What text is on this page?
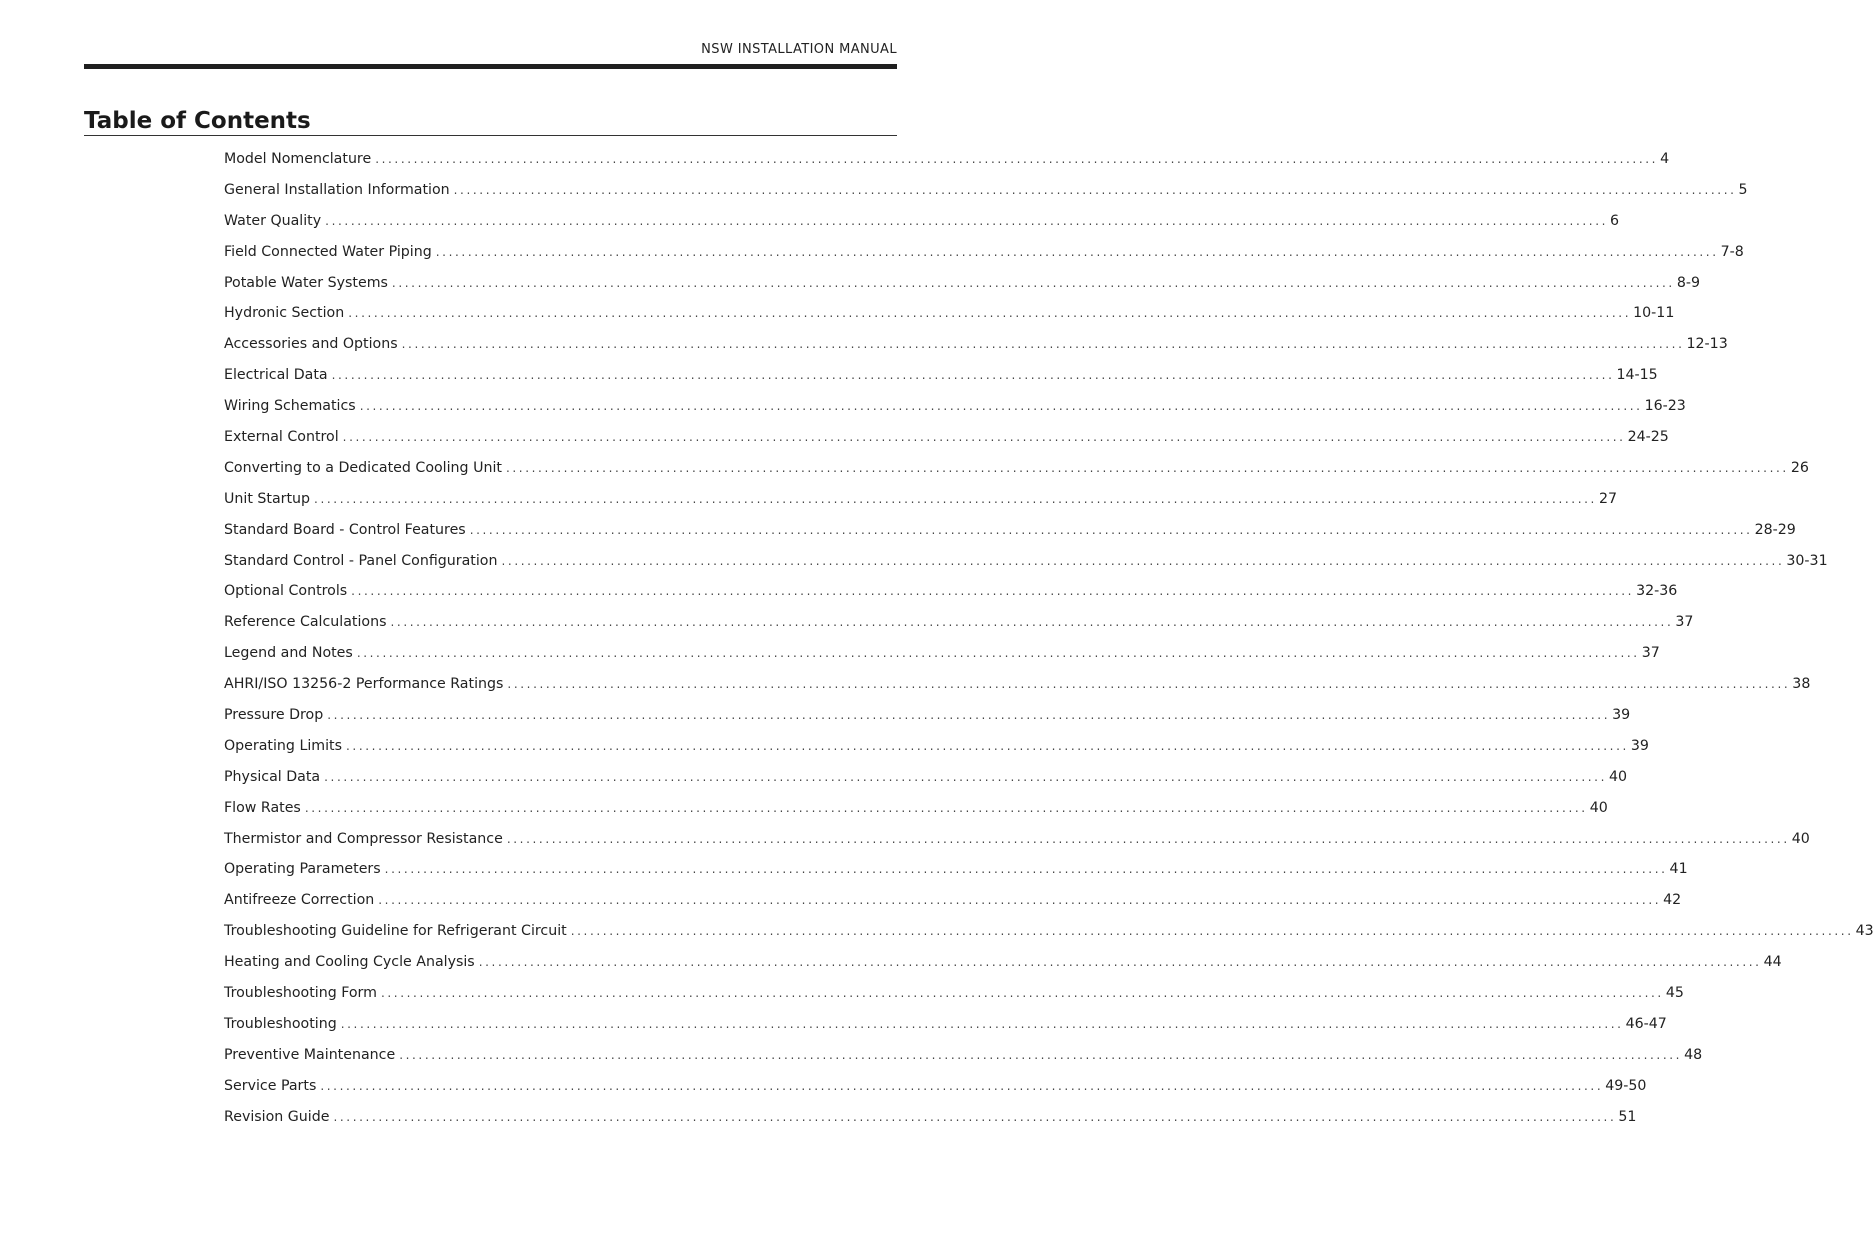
NSW INSTALLATION MANUAL
Table of Contents
Model Nomenclature ........................................................................................................................................................................................................ 4
General Installation Information ........................................................................................................................................................................................................ 5
Water Quality ........................................................................................................................................................................................................ 6
Field Connected Water Piping ........................................................................................................................................................................................................ 7-8
Potable Water Systems ........................................................................................................................................................................................................ 8-9
Hydronic Section ........................................................................................................................................................................................................ 10-11
Accessories and Options ........................................................................................................................................................................................................ 12-13
Electrical Data ........................................................................................................................................................................................................ 14-15
Wiring Schematics ........................................................................................................................................................................................................ 16-23
External Control ........................................................................................................................................................................................................ 24-25
Converting to a Dedicated Cooling Unit ........................................................................................................................................................................................................ 26
Unit Startup ........................................................................................................................................................................................................ 27
Standard Board - Control Features ........................................................................................................................................................................................................ 28-29
Standard Control - Panel Configuration ........................................................................................................................................................................................................ 30-31
Optional Controls ........................................................................................................................................................................................................ 32-36
Reference Calculations ........................................................................................................................................................................................................ 37
Legend and Notes ........................................................................................................................................................................................................ 37
AHRI/ISO 13256-2 Performance Ratings ........................................................................................................................................................................................................ 38
Pressure Drop ........................................................................................................................................................................................................ 39
Operating Limits ........................................................................................................................................................................................................ 39
Physical Data ........................................................................................................................................................................................................ 40
Flow Rates ........................................................................................................................................................................................................ 40
Thermistor and Compressor Resistance ........................................................................................................................................................................................................ 40
Operating Parameters ........................................................................................................................................................................................................ 41
Antifreeze Correction ........................................................................................................................................................................................................ 42
Troubleshooting Guideline for Refrigerant Circuit ........................................................................................................................................................................................................ 43
Heating and Cooling Cycle Analysis ........................................................................................................................................................................................................ 44
Troubleshooting Form ........................................................................................................................................................................................................ 45
Troubleshooting ........................................................................................................................................................................................................ 46-47
Preventive Maintenance ........................................................................................................................................................................................................ 48
Service Parts ........................................................................................................................................................................................................ 49-50
Revision Guide ........................................................................................................................................................................................................ 51
